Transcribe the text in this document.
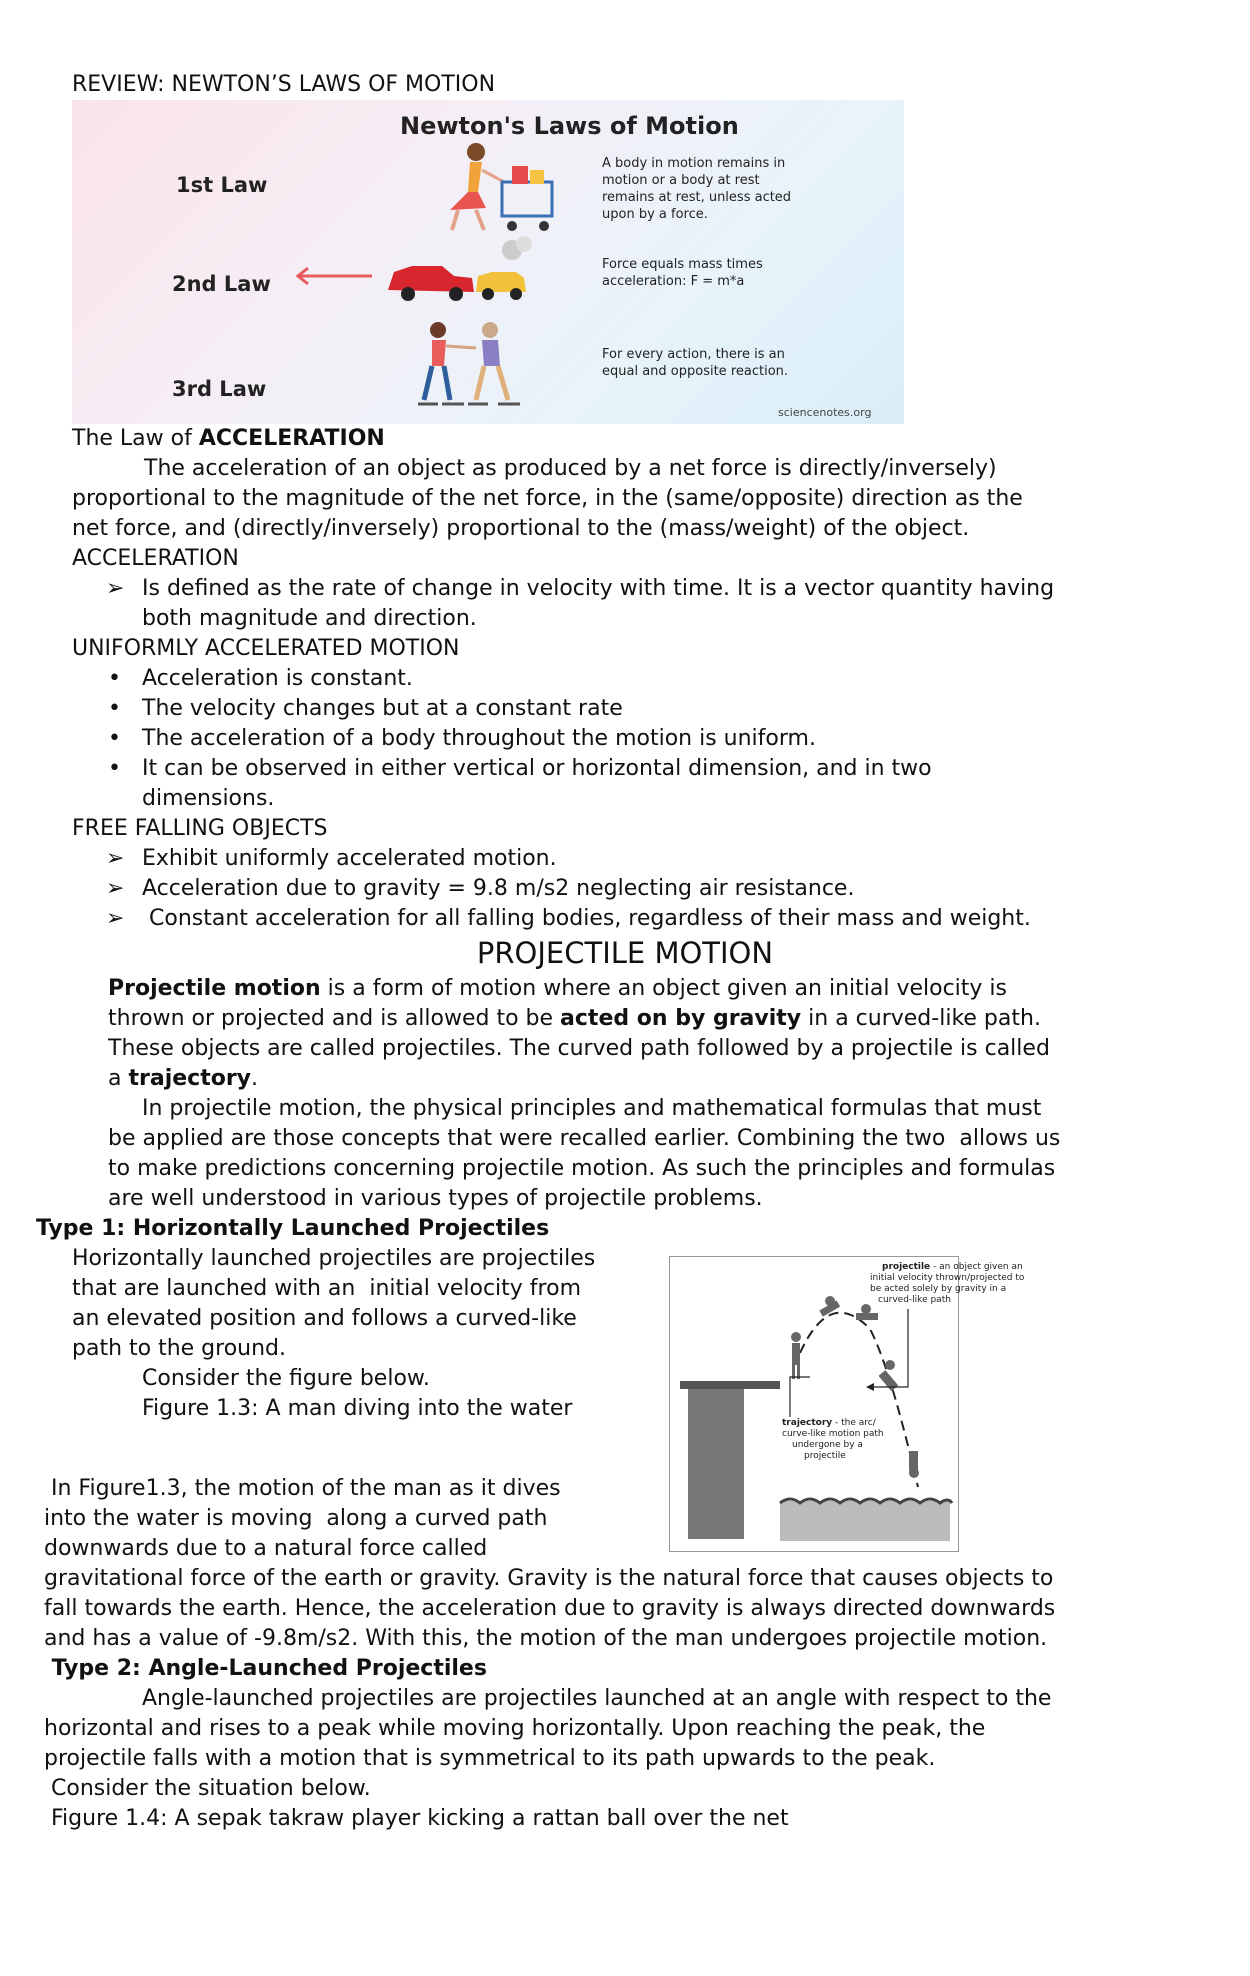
REVIEW: NEWTON’S LAWS OF MOTION
Newton's Laws of Motion
1st Law
2nd Law
3rd Law
A body in motion remains in
motion or a body at rest
remains at rest, unless acted
upon by a force.
Force equals mass times
acceleration: F = m*a
For every action, there is an
equal and opposite reaction.
sciencenotes.org
The Law of ACCELERATION
The acceleration of an object as produced by a net force is directly/inversely)
proportional to the magnitude of the net force, in the (same/opposite) direction as the
net force, and (directly/inversely) proportional to the (mass/weight) of the object.
ACCELERATION
➢ Is defined as the rate of change in velocity with time. It is a vector quantity having
both magnitude and direction.
UNIFORMLY ACCELERATED MOTION
• Acceleration is constant.
• The velocity changes but at a constant rate
• The acceleration of a body throughout the motion is uniform.
• It can be observed in either vertical or horizontal dimension, and in two
dimensions.
FREE FALLING OBJECTS
➢ Exhibit uniformly accelerated motion.
➢ Acceleration due to gravity = 9.8 m/s2 neglecting air resistance.
➢ Constant acceleration for all falling bodies, regardless of their mass and weight.
PROJECTILE MOTION
Projectile motion is a form of motion where an object given an initial velocity is
thrown or projected and is allowed to be acted on by gravity in a curved-like path.
These objects are called projectiles. The curved path followed by a projectile is called
a trajectory.
In projectile motion, the physical principles and mathematical formulas that must
be applied are those concepts that were recalled earlier. Combining the two  allows us
to make predictions concerning projectile motion. As such the principles and formulas
are well understood in various types of projectile problems.
Type 1: Horizontally Launched Projectiles
Horizontally launched projectiles are projectiles
that are launched with an  initial velocity from
an elevated position and follows a curved-like
path to the ground.
Consider the figure below.
Figure 1.3: A man diving into the water
projectile - an object given an
initial velocity thrown/projected to
be acted solely by gravity in a
curved-like path
trajectory - the arc/
curve-like motion path
undergone by a
projectile
In Figure1.3, the motion of the man as it dives
into the water is moving  along a curved path
downwards due to a natural force called
gravitational force of the earth or gravity. Gravity is the natural force that causes objects to
fall towards the earth. Hence, the acceleration due to gravity is always directed downwards
and has a value of -9.8m/s2. With this, the motion of the man undergoes projectile motion.
Type 2: Angle-Launched Projectiles
Angle-launched projectiles are projectiles launched at an angle with respect to the
horizontal and rises to a peak while moving horizontally. Upon reaching the peak, the
projectile falls with a motion that is symmetrical to its path upwards to the peak.
Consider the situation below.
Figure 1.4: A sepak takraw player kicking a rattan ball over the net
